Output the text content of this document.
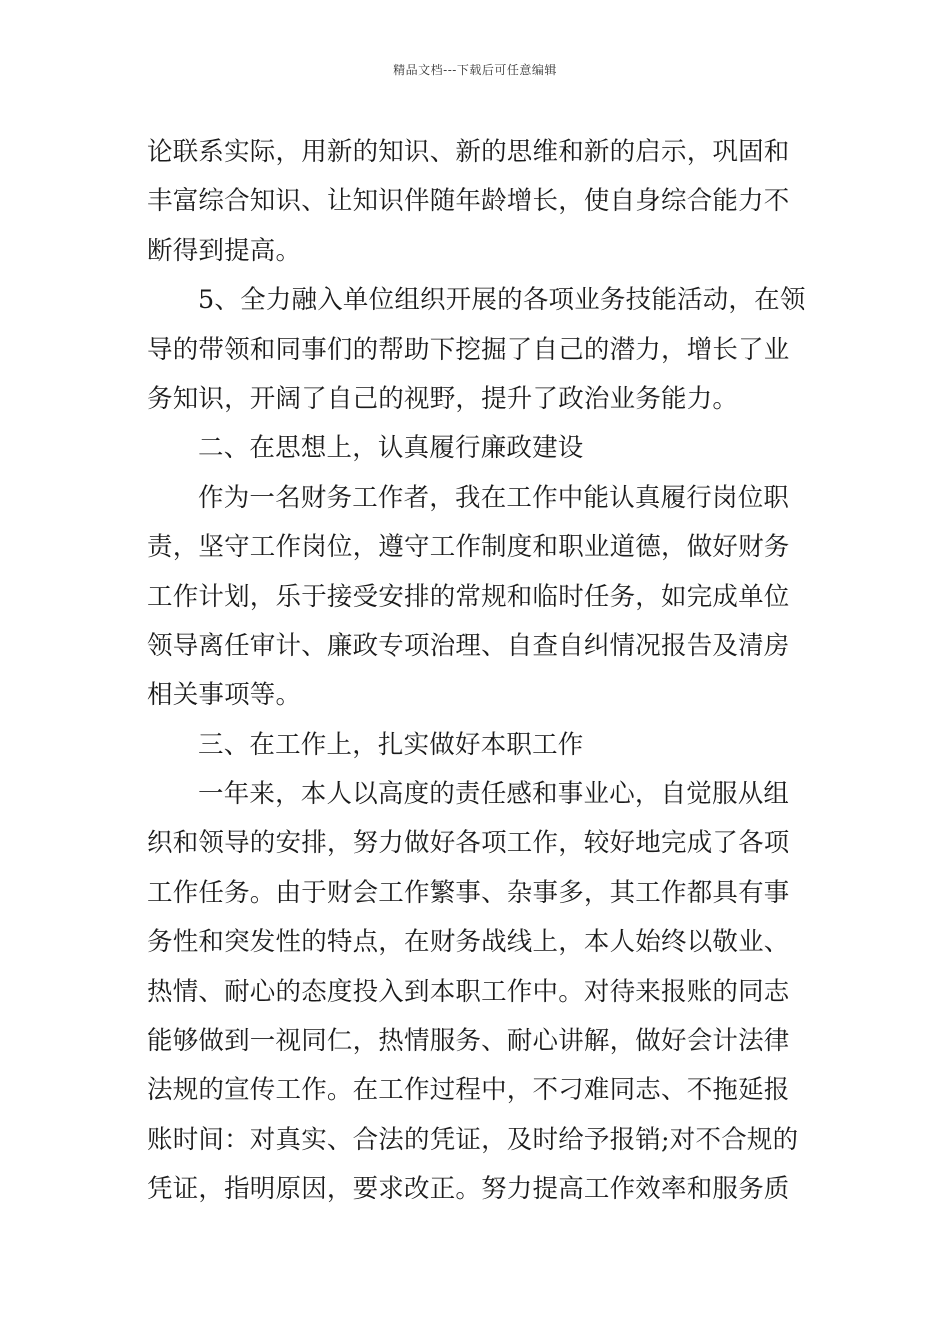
精品文档---下载后可任意编辑
论联系实际，用新的知识、新的思维和新的启示，巩固和
丰富综合知识、让知识伴随年龄增长，使自身综合能力不
断得到提高。
5、全力融入单位组织开展的各项业务技能活动，在领
导的带领和同事们的帮助下挖掘了自己的潜力，增长了业
务知识，开阔了自己的视野，提升了政治业务能力。
二、在思想上，认真履行廉政建设
作为一名财务工作者，我在工作中能认真履行岗位职
责，坚守工作岗位，遵守工作制度和职业道德，做好财务
工作计划，乐于接受安排的常规和临时任务，如完成单位
领导离任审计、廉政专项治理、自查自纠情况报告及清房
相关事项等。
三、在工作上，扎实做好本职工作
一年来，本人以高度的责任感和事业心，自觉服从组
织和领导的安排，努力做好各项工作，较好地完成了各项
工作任务。由于财会工作繁事、杂事多，其工作都具有事
务性和突发性的特点，在财务战线上，本人始终以敬业、
热情、耐心的态度投入到本职工作中。对待来报账的同志
能够做到一视同仁，热情服务、耐心讲解，做好会计法律
法规的宣传工作。在工作过程中，不刁难同志、不拖延报
账时间：对真实、合法的凭证，及时给予报销;对不合规的
凭证，指明原因，要求改正。努力提高工作效率和服务质
